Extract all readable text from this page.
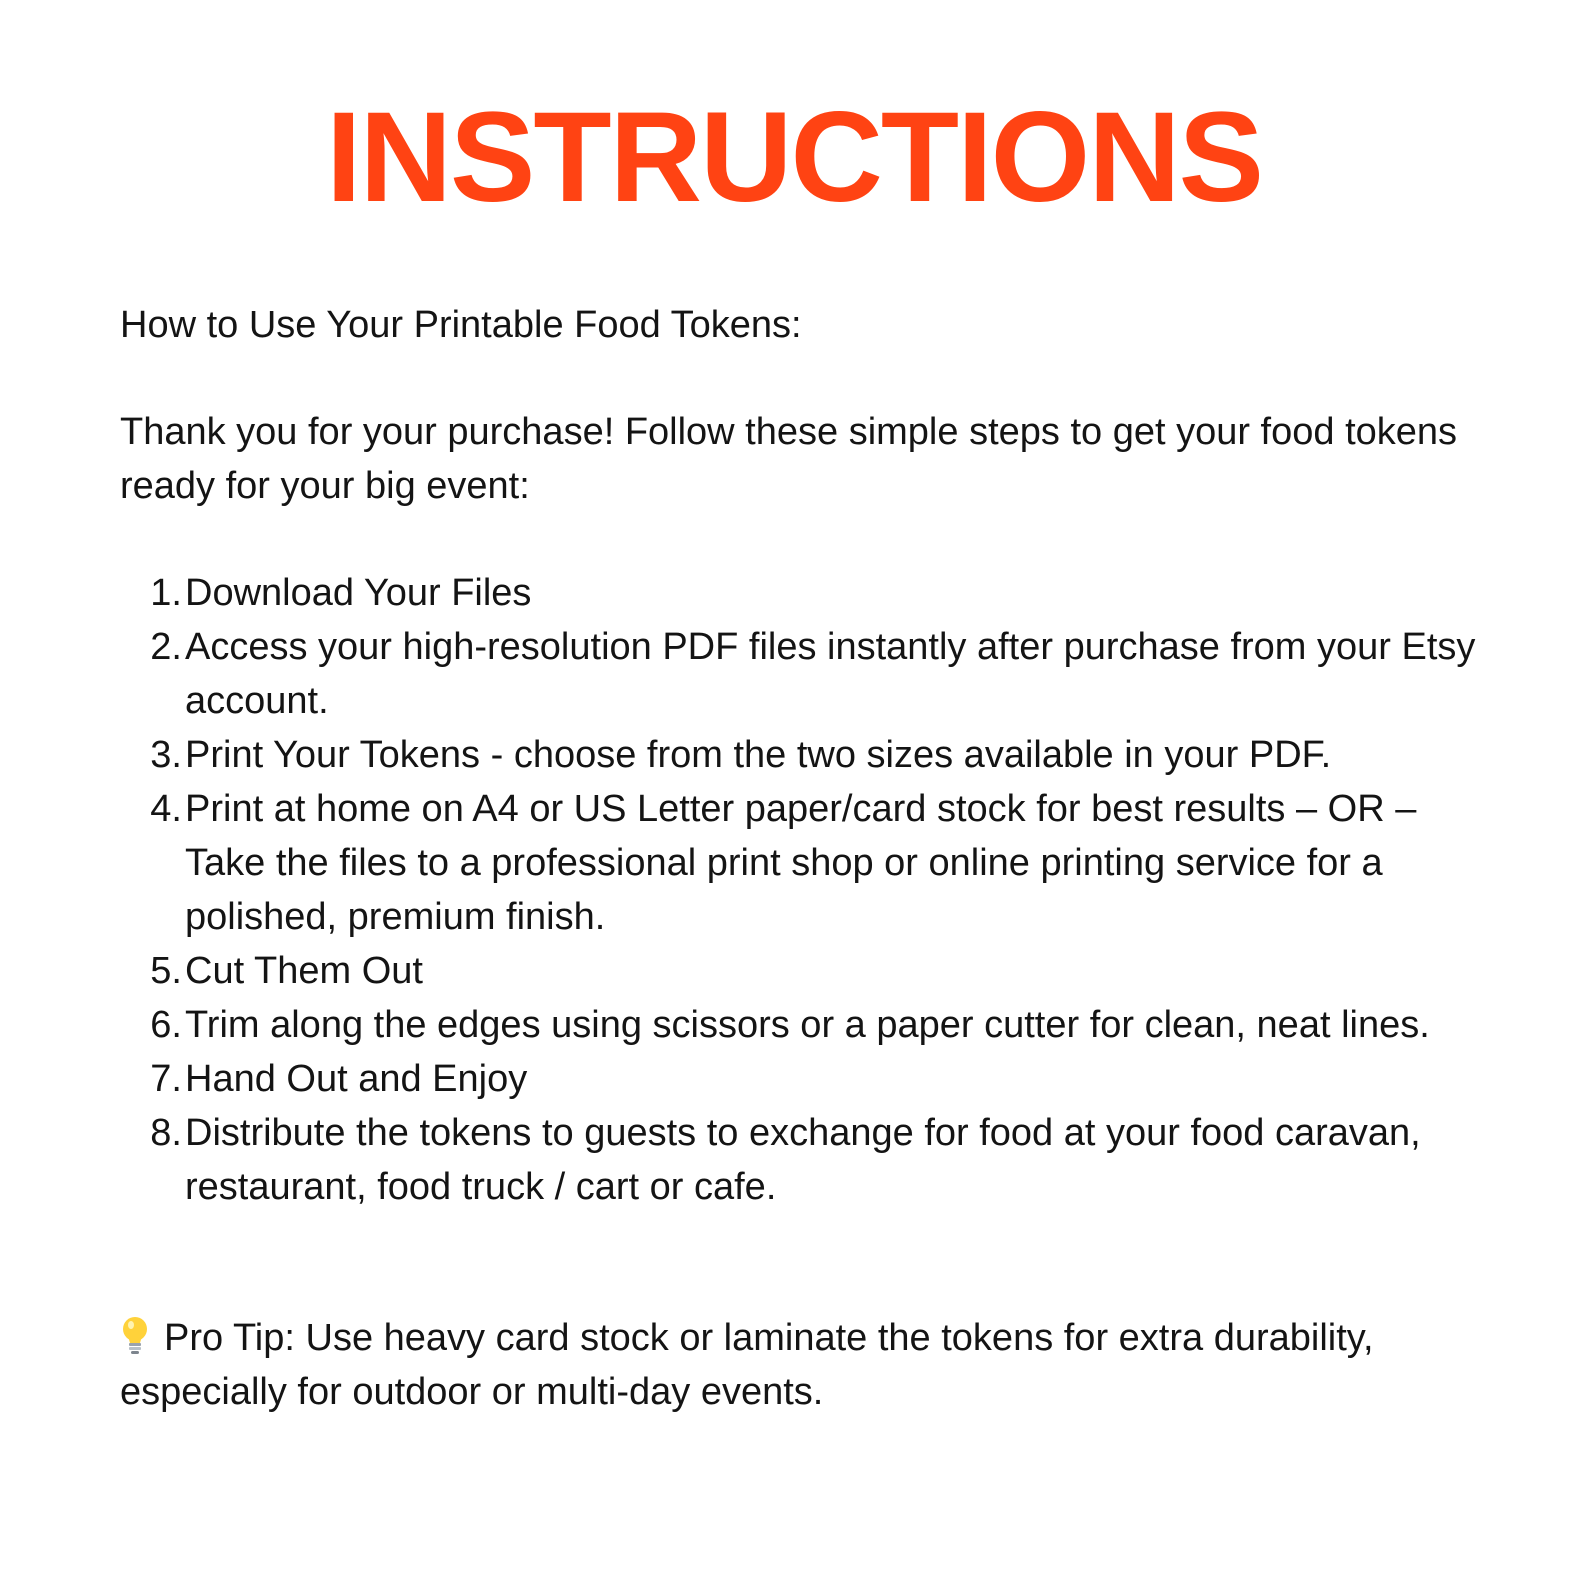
INSTRUCTIONS

How to Use Your Printable Food Tokens:

Thank you for your purchase! Follow these simple steps to get your food tokens ready for your big event:

1. Download Your Files
2. Access your high-resolution PDF files instantly after purchase from your Etsy account.
3. Print Your Tokens - choose from the two sizes available in your PDF.
4. Print at home on A4 or US Letter paper/card stock for best results – OR – Take the files to a professional print shop or online printing service for a polished, premium finish.
5. Cut Them Out
6. Trim along the edges using scissors or a paper cutter for clean, neat lines.
7. Hand Out and Enjoy
8. Distribute the tokens to guests to exchange for food at your food caravan, restaurant, food truck / cart or cafe.

Pro Tip: Use heavy card stock or laminate the tokens for extra durability, especially for outdoor or multi-day events.
